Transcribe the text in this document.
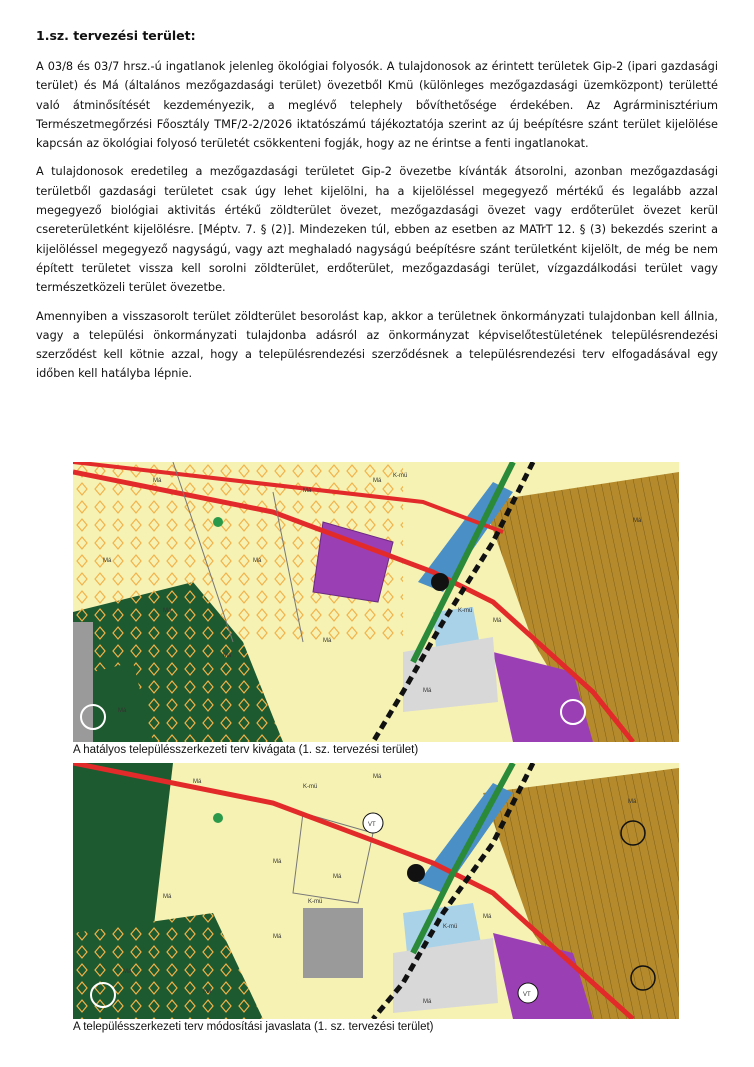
1.sz. tervezési terület:

A 03/8 és 03/7 hrsz.-ú ingatlanok jelenleg ökológiai folyosók. A tulajdonosok az érintett területek Gip-2 (ipari gazdasági terület) és Má (általános mezőgazdasági terület) övezetből Kmü (különleges mezőgazdasági üzemközpont) területté való átminősítését kezdeményezik, a meglévő telephely bővíthetősége érdekében. Az Agrárminisztérium Természetmegőrzési Főosztály TMF/2-2/2026 iktatószámú tájékoztatója szerint az új beépítésre szánt terület kijelölése kapcsán az ökológiai folyosó területét csökkenteni fogják, hogy az ne érintse a fenti ingatlanokat.

A tulajdonosok eredetileg a mezőgazdasági területet Gip-2 övezetbe kívánták átsorolni, azonban mezőgazdasági területből gazdasági területet csak úgy lehet kijelölni, ha a kijelöléssel megegyező mértékű és legalább azzal megegyező biológiai aktivitás értékű zöldterület övezet, mezőgazdasági övezet vagy erdőterület övezet kerül csereterületként kijelölésre. [Méptv. 7. § (2)]. Mindezeken túl, ebben az esetben az MATrT 12. § (3) bekezdés szerint a kijelöléssel megegyező nagyságú, vagy azt meghaladó nagyságú beépítésre szánt területként kijelölt, de még be nem épített területet vissza kell sorolni zöldterület, erdőterület, mezőgazdasági terület, vízgazdálkodási terület vagy természetközeli terület övezetbe.

Amennyiben a visszasorolt terület zöldterület besorolást kap, akkor a területnek önkormányzati tulajdonban kell állnia, vagy a települési önkormányzati tulajdonba adásról az önkormányzat képviselőtestületének településrendezési szerződést kell kötnie azzal, hogy a településrendezési szerződésnek a településrendezési terv elfogadásával egy időben kell hatályba lépnie.

Má
Má
Má
Má
Má
Má
Má
Má
K-mü
K-mü
Má
Má
Má
Má
A hatályos településszerkezeti terv kivágata (1. sz. tervezési terület)
Má
Má
Má
Má
Má
Má
Má
Má
K-mü
K-mü
K-mü
Má
Má
Má
VT
VT
A településszerkezeti terv módosítási javaslata (1. sz. tervezési terület)
